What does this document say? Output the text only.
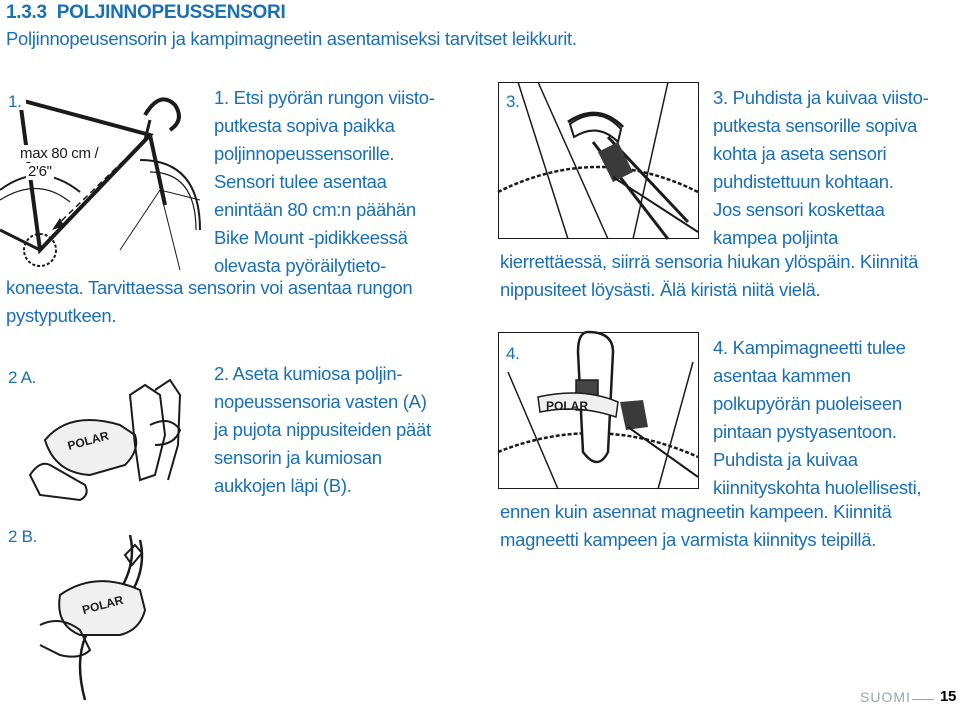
1.3.3 POLJINNOPEUSSENSORI
Poljinnopeusensorin ja kampimagneetin asentamiseksi tarvitset leikkurit.
1.
max 80 cm /
2'6"
1. Etsi pyörän rungon viisto-
putkesta sopiva paikka
poljinnopeussensorille.
Sensori tulee asentaa
enintään 80 cm:n päähän
Bike Mount -pidikkeessä
olevasta pyöräilytieto-
koneesta. Tarvittaessa sensorin voi asentaa rungon
pystyputkeen.
POLAR
2 A.	2. Aseta kumiosa poljin-
nopeussensoria vasten (A)
ja pujota nippusiteiden päät
sensorin ja kumiosan
aukkojen läpi (B).
POLAR
2 B.
3.	3. Puhdista ja kuivaa viisto-
putkesta sensorille sopiva
kohta ja aseta sensori
puhdistettuun kohtaan.
Jos sensori koskettaa
kampea poljinta
kierrettäessä, siirrä sensoria hiukan ylöspäin. Kiinnitä
nippusiteet löysästi. Älä kiristä niitä vielä.
POLAR
4.	4. Kampimagneetti tulee
asentaa kammen
polkupyörän puoleiseen
pintaan pystyasentoon.
Puhdista ja kuivaa
kiinnityskohta huolellisesti,
ennen kuin asennat magneetin kampeen. Kiinnitä
magneetti kampeen ja varmista kiinnitys teipillä.
SUOMI 15
